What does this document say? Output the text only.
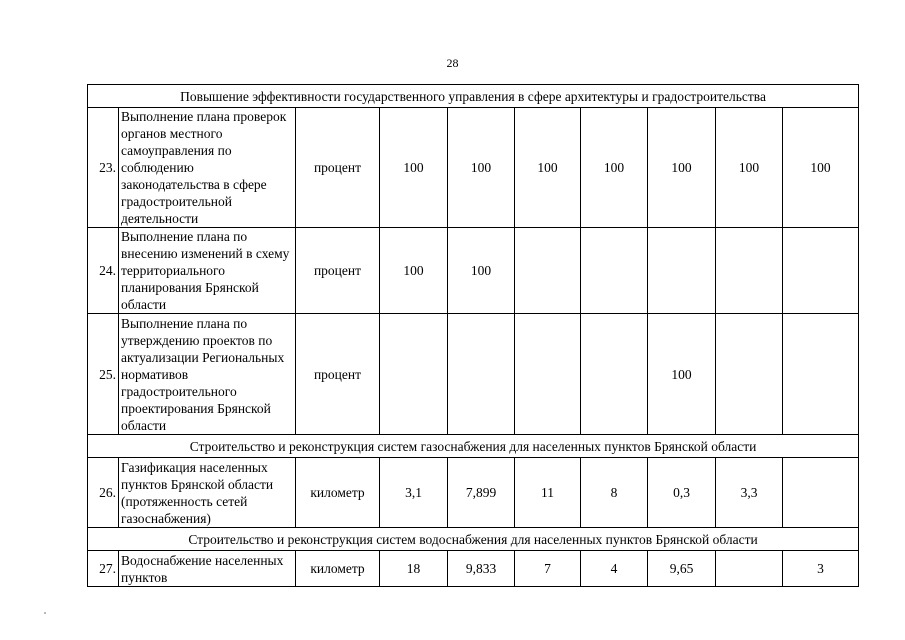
28
Повышение эффективности государственного управления в сфере архитектуры и градостроительства									
23.	Выполнение плана проверок органов местного самоуправления по соблюдению законодательства в сфере градостроительной деятельности	процент	100	100	100	100	100	100	100
24.	Выполнение плана по внесению изменений в схему территориального планирования Брянской области	процент	100	100					
25.	Выполнение плана по утверждению проектов по актуализации Региональных нормативов градостроительного проектирования Брянской области	процент					100		
Строительство и реконструкция систем газоснабжения для населенных пунктов Брянской области									
26.	Газификация населенных пунктов Брянской области (протяженность сетей газоснабжения)	километр	3,1	7,899	11	8	0,3	3,3	
Строительство и реконструкция систем водоснабжения для населенных пунктов Брянской области									
27.	Водоснабжение населенных пунктов	километр	18	9,833	7	4	9,65		3
